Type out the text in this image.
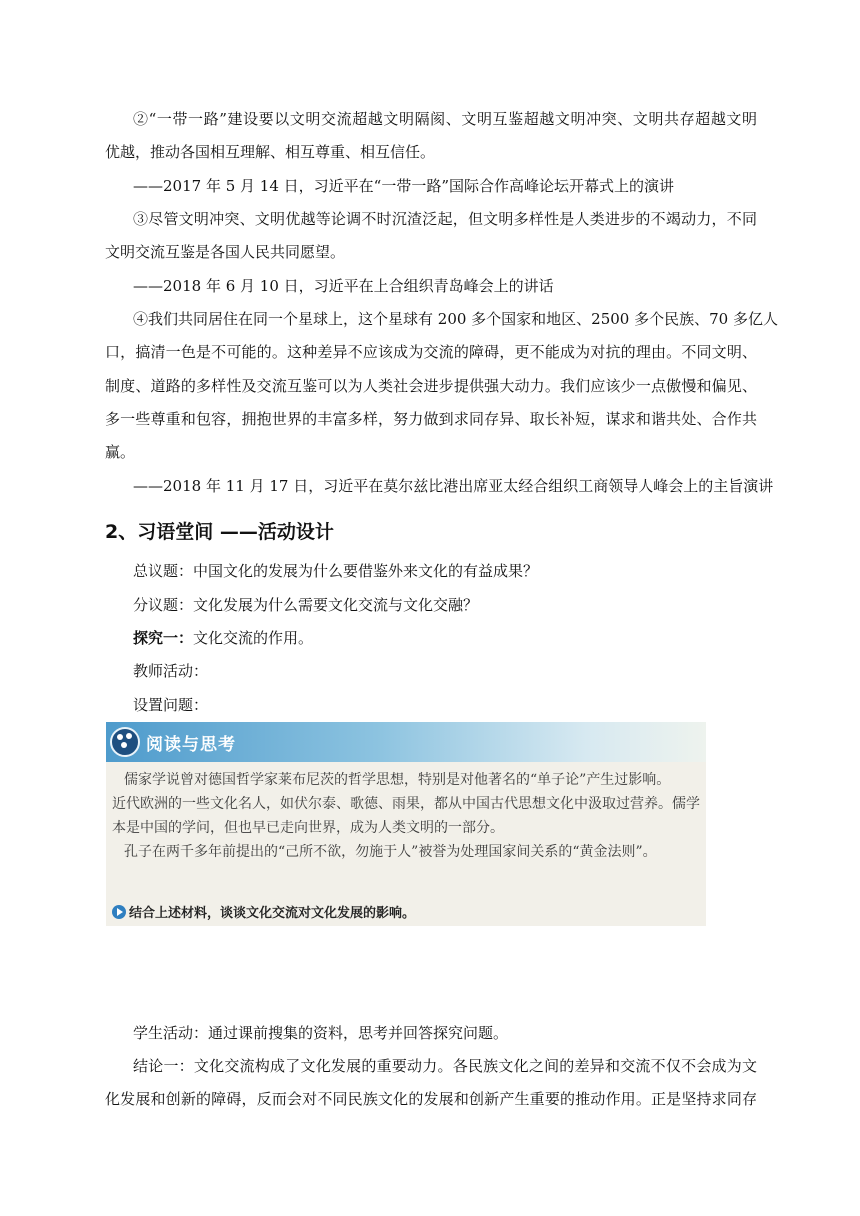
②“一带一路”建设要以文明交流超越文明隔阂、文明互鉴超越文明冲突、文明共存超越文明
优越，推动各国相互理解、相互尊重、相互信任。
——2017 年 5 月 14 日，习近平在“一带一路”国际合作高峰论坛开幕式上的演讲
③尽管文明冲突、文明优越等论调不时沉渣泛起，但文明多样性是人类进步的不竭动力，不同
文明交流互鉴是各国人民共同愿望。
——2018 年 6 月 10 日，习近平在上合组织青岛峰会上的讲话
④我们共同居住在同一个星球上，这个星球有 200 多个国家和地区、2500 多个民族、70 多亿人
口，搞清一色是不可能的。这种差异不应该成为交流的障碍，更不能成为对抗的理由。不同文明、
制度、道路的多样性及交流互鉴可以为人类社会进步提供强大动力。我们应该少一点傲慢和偏见、
多一些尊重和包容，拥抱世界的丰富多样，努力做到求同存异、取长补短，谋求和谐共处、合作共
赢。
——2018 年 11 月 17 日，习近平在莫尔兹比港出席亚太经合组织工商领导人峰会上的主旨演讲
2、习语堂间 ——活动设计
总议题：中国文化的发展为什么要借鉴外来文化的有益成果？
分议题：文化发展为什么需要文化交流与文化交融？
探究一：文化交流的作用。
教师活动：
设置问题：
阅读与思考
儒家学说曾对德国哲学家莱布尼茨的哲学思想，特别是对他著名的“单子论”产生过影响。
近代欧洲的一些文化名人，如伏尔泰、歌德、雨果，都从中国古代思想文化中汲取过营养。儒学
本是中国的学问，但也早已走向世界，成为人类文明的一部分。
孔子在两千多年前提出的“己所不欲，勿施于人”被誉为处理国家间关系的“黄金法则”。
结合上述材料，谈谈文化交流对文化发展的影响。
学生活动：通过课前搜集的资料，思考并回答探究问题。
结论一：文化交流构成了文化发展的重要动力。各民族文化之间的差异和交流不仅不会成为文
化发展和创新的障碍，反而会对不同民族文化的发展和创新产生重要的推动作用。正是坚持求同存
